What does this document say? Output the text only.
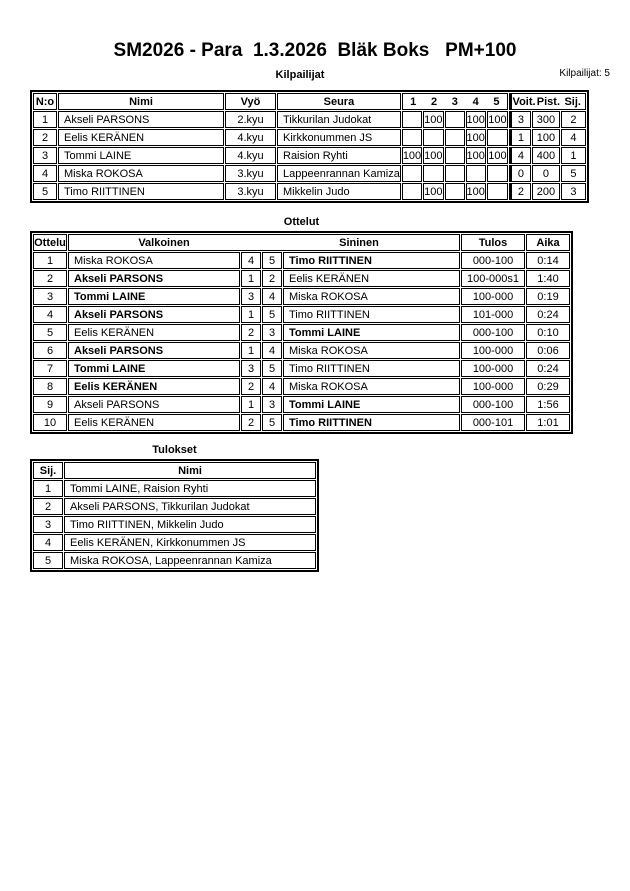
SM2026 - Para  1.3.2026  Bläk Boks   PM+100
Kilpailijat: 5
Kilpailijat
N:o	Nimi	Vyö	Seura	1 2 3 4 5					Voit. Pist. Sij.		

1	Akseli PARSONS	2.kyu	Tikkurilan Judokat		100		100	100	3	300	2
2	Eelis KERÄNEN	4.kyu	Kirkkonummen JS				100		1	100	4
3	Tommi LAINE	4.kyu	Raision Ryhti	100	100		100	100	4	400	1
4	Miska ROKOSA	3.kyu	Lappeenrannan Kamiza						0	0	5
5	Timo RIITTINEN	3.kyu	Mikkelin Judo		100		100		2	200	3
Ottelut
Ottelu	Valkoinen Sininen				Tulos	Aika
1	Miska ROKOSA	4	5	Timo RIITTINEN	000-100	0:14
2	Akseli PARSONS	1	2	Eelis KERÄNEN	100-000s1	1:40
3	Tommi LAINE	3	4	Miska ROKOSA	100-000	0:19
4	Akseli PARSONS	1	5	Timo RIITTINEN	101-000	0:24
5	Eelis KERÄNEN	2	3	Tommi LAINE	000-100	0:10
6	Akseli PARSONS	1	4	Miska ROKOSA	100-000	0:06
7	Tommi LAINE	3	5	Timo RIITTINEN	100-000	0:24
8	Eelis KERÄNEN	2	4	Miska ROKOSA	100-000	0:29
9	Akseli PARSONS	1	3	Tommi LAINE	000-100	1:56
10	Eelis KERÄNEN	2	5	Timo RIITTINEN	000-101	1:01
Tulokset
Sij.	Nimi
1	Tommi LAINE, Raision Ryhti
2	Akseli PARSONS, Tikkurilan Judokat
3	Timo RIITTINEN, Mikkelin Judo
4	Eelis KERÄNEN, Kirkkonummen JS
5	Miska ROKOSA, Lappeenrannan Kamiza
